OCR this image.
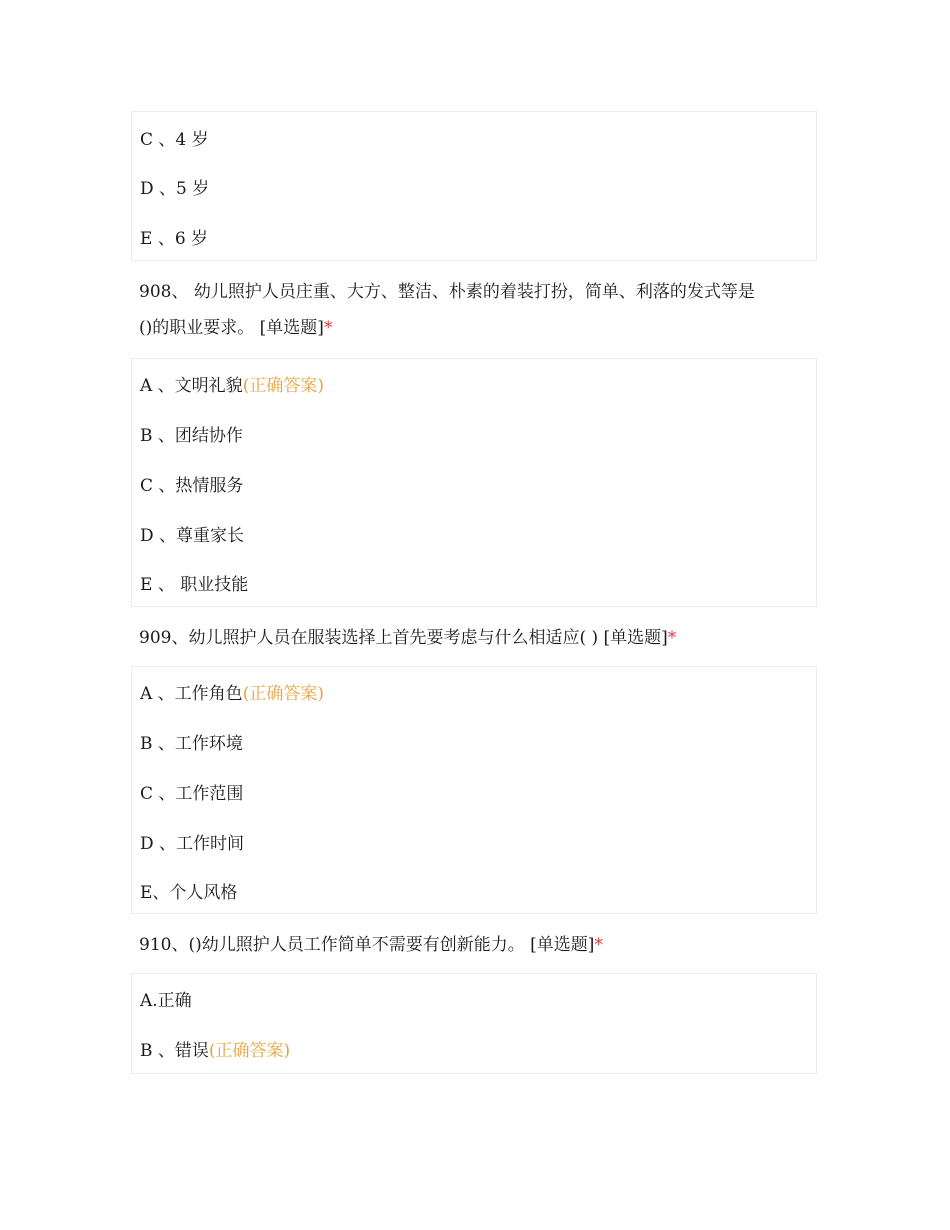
C 、4 岁
D 、5 岁
E 、6 岁
908、 幼儿照护人员庄重、大方、整洁、朴素的着装打扮，简单、利落的发式等是
()的职业要求。 [单选题]*
A 、文明礼貌(正确答案)
B 、团结协作
C 、热情服务
D 、尊重家长
E 、 职业技能
909、幼儿照护人员在服装选择上首先要考虑与什么相适应( ) [单选题]*
A 、工作角色(正确答案)
B 、工作环境
C 、工作范围
D 、工作时间
E、个人风格
910、()幼儿照护人员工作简单不需要有创新能力。 [单选题]*
A.正确
B 、错误(正确答案)
